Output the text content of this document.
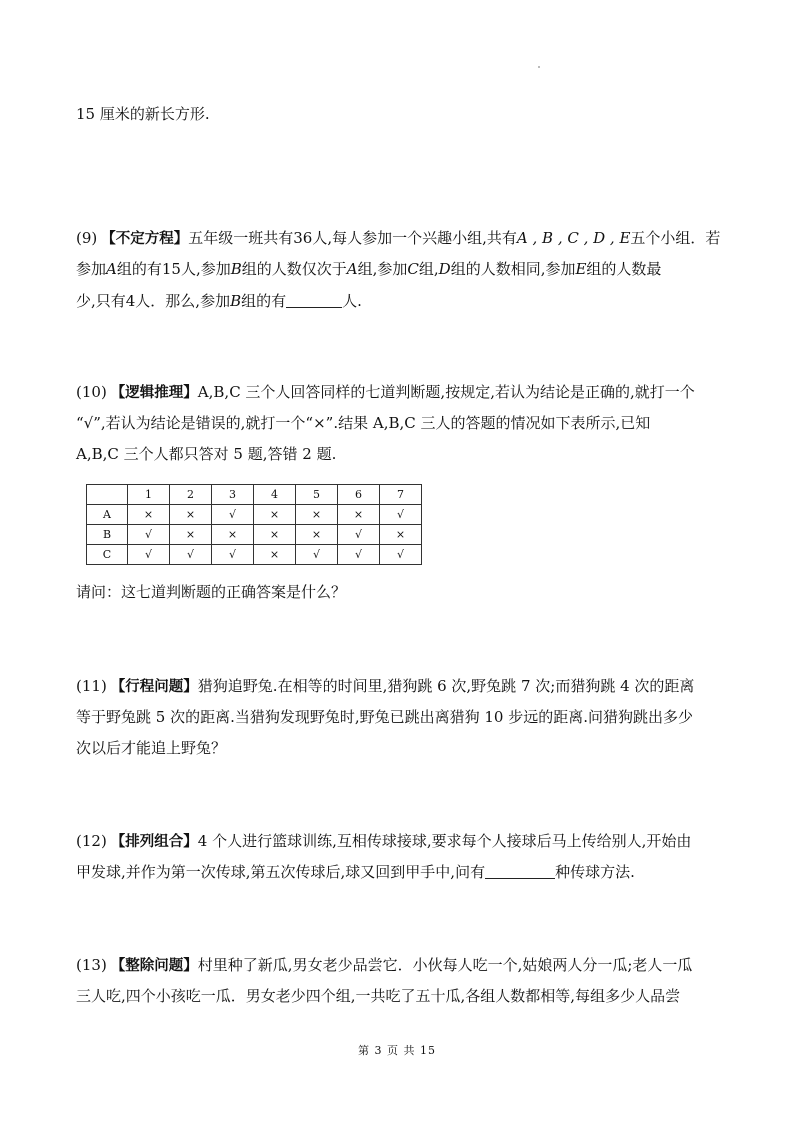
15 厘米的新长方形.
(9) 【不定方程】五年级一班共有36人,每人参加一个兴趣小组,共有A , B , C , D , E五个小组．若
参加A组的有15人,参加B组的人数仅次于A组,参加C组,D组的人数相同,参加E组的人数最
少,只有4人．那么,参加B组的有	人.
(10) 【逻辑推理】A,B,C 三个人回答同样的七道判断题,按规定,若认为结论是正确的,就打一个
“√”,若认为结论是错误的,就打一个“×”.结果 A,B,C 三人的答题的情况如下表所示,已知
A,B,C 三个人都只答对 5 题,答错 2 题.
	1	2	3	4	5	6	7
A	×	×	√	×	×	×	√
B	√	×	×	×	×	√	×
C	√	√	√	×	√	√	√
请问：这七道判断题的正确答案是什么？
(11) 【行程问题】猎狗追野兔.在相等的时间里,猎狗跳 6 次,野兔跳 7 次;而猎狗跳 4 次的距离
等于野兔跳 5 次的距离.当猎狗发现野兔时,野兔已跳出离猎狗 10 步远的距离.问猎狗跳出多少
次以后才能追上野兔？
(12) 【排列组合】4 个人进行篮球训练,互相传球接球,要求每个人接球后马上传给别人,开始由
甲发球,并作为第一次传球,第五次传球后,球又回到甲手中,问有	种传球方法.
(13) 【整除问题】村里种了新瓜,男女老少品尝它．小伙每人吃一个,姑娘两人分一瓜;老人一瓜
三人吃,四个小孩吃一瓜．男女老少四个组,一共吃了五十瓜,各组人数都相等,每组多少人品尝
第 3 页 共 15
